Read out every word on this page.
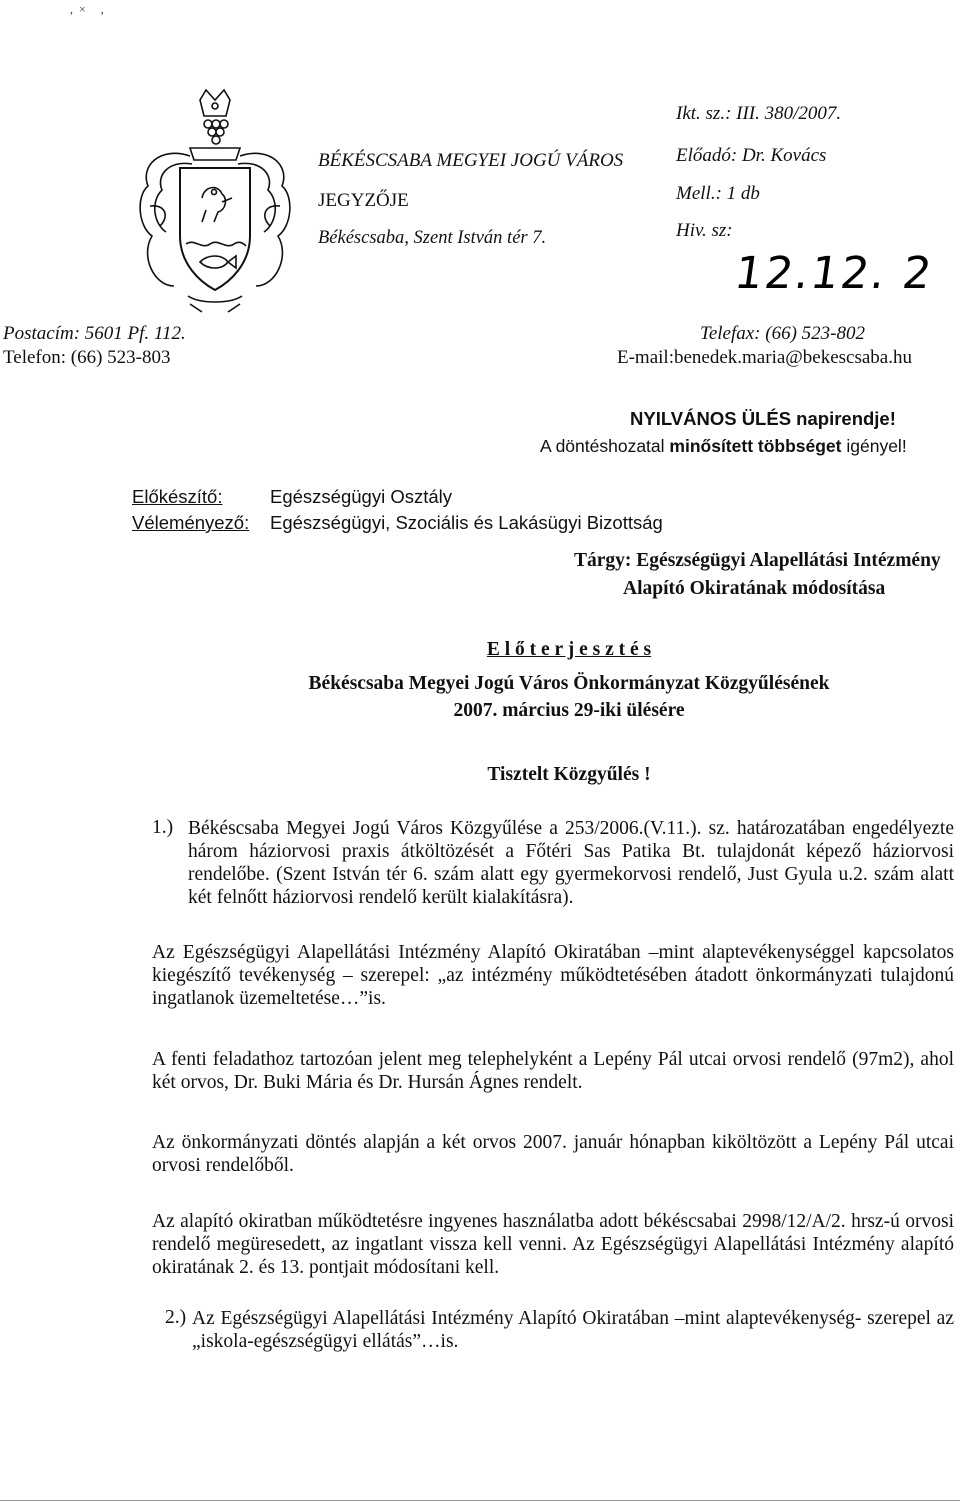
,  ×     ,
BÉKÉSCSABA MEGYEI JOGÚ VÁROS
JEGYZŐJE
Békéscsaba, Szent István tér 7.
Ikt. sz.: III. 380/2007.
Előadó: Dr. Kovács
Mell.: 1 db
Hiv. sz:
12.12. 2
Postacím: 5601 Pf. 112.
Telefon: (66) 523-803
Telefax: (66) 523-802
E-mail:benedek.maria@bekescsaba.hu
NYILVÁNOS ÜLÉS napirendje!
A döntéshozatal minősített többséget igényel!
Előkészítő:	Egészségügyi Osztály
Véleményező: Egészségügyi, Szociális és Lakásügyi Bizottság
Tárgy: Egészségügyi Alapellátási Intézmény
Alapító Okiratának módosítása
E l ő t e r j e s z t é s
Békéscsaba Megyei Jogú Város Önkormányzat Közgyűlésének
2007. március 29-iki ülésére
Tisztelt Közgyűlés !
1.) Békéscsaba Megyei Jogú Város Közgyűlése a 253/2006.(V.11.). sz. határozatában engedélyezte három háziorvosi praxis átköltözését a Főtéri Sas Patika Bt. tulajdonát képező háziorvosi rendelőbe. (Szent István tér 6. szám alatt egy gyermekorvosi rendelő, Just Gyula u.2. szám alatt két felnőtt háziorvosi rendelő került kialakításra).
Az Egészségügyi Alapellátási Intézmény Alapító Okiratában –mint alaptevékenységgel kapcsolatos kiegészítő tevékenység – szerepel: „az intézmény működtetésében átadott önkormányzati tulajdonú ingatlanok üzemeltetése…”is.
A fenti feladathoz tartozóan jelent meg telephelyként a Lepény Pál utcai orvosi rendelő (97m2), ahol két orvos, Dr. Buki Mária és Dr. Hursán Ágnes rendelt.
Az önkormányzati döntés alapján a két orvos 2007. január hónapban kiköltözött a Lepény Pál utcai orvosi rendelőből.
Az alapító okiratban működtetésre ingyenes használatba adott békéscsabai 2998/12/A/2. hrsz-ú orvosi rendelő megüresedett, az ingatlant vissza kell venni. Az Egészségügyi Alapellátási Intézmény alapító okiratának 2. és 13. pontjait módosítani kell.
2.) Az Egészségügyi Alapellátási Intézmény Alapító Okiratában –mint alaptevékenység- szerepel az „iskola-egészségügyi ellátás”…is.
